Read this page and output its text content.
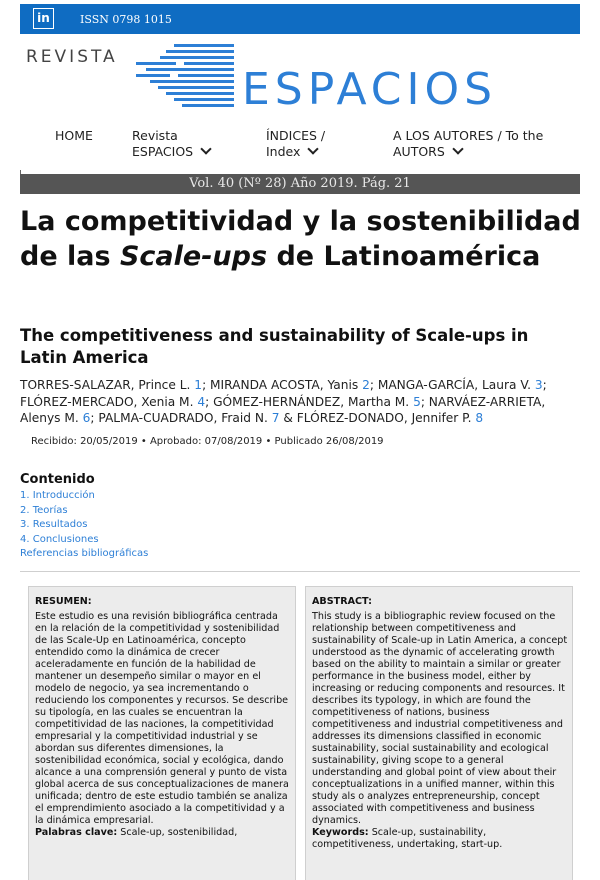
in	ISSN 0798 1015
REVISTA
ESPACIOS
HOME	Revista
ESPACIOS
ÍNDICES /
Index
A LOS AUTORES / To the
AUTORS
Vol. 40 (Nº 28) Año 2019. Pág. 21
La competitividad y la sostenibilidad de las Scale-ups de Latinoamérica
The competitiveness and sustainability of Scale-ups in Latin America
TORRES-SALAZAR, Prince L. 1; MIRANDA ACOSTA, Yanis 2; MANGA-GARCÍA, Laura V. 3; FLÓREZ-MERCADO, Xenia M. 4; GÓMEZ-HERNÁNDEZ, Martha M. 5; NARVÁEZ-ARRIETA, Alenys M. 6; PALMA-CUADRADO, Fraid N. 7 & FLÓREZ-DONADO, Jennifer P. 8
Recibido: 20/05/2019 • Aprobado: 07/08/2019 • Publicado 26/08/2019
Contenido
1. Introducción
2. Teorías
3. Resultados
4. Conclusiones
Referencias bibliográficas
RESUMEN:
Este estudio es una revisión bibliográfica centrada en la relación de la competitividad y sostenibilidad de las Scale-Up en Latinoamérica, concepto entendido como la dinámica de crecer aceleradamente en función de la habilidad de mantener un desempeño similar o mayor en el modelo de negocio, ya sea incrementando o reduciendo los componentes y recursos. Se describe su tipología, en las cuales se encuentran la competitividad de las naciones, la competitividad empresarial y la competitividad industrial y se abordan sus diferentes dimensiones, la sostenibilidad económica, social y ecológica, dando alcance a una comprensión general y punto de vista global acerca de sus conceptualizaciones de manera unificada; dentro de este estudio también se analiza el emprendimiento asociado a la competitividad y a la dinámica empresarial.
Palabras clave: Scale-up, sostenibilidad,
ABSTRACT:
This study is a bibliographic review focused on the relationship between competitiveness and sustainability of Scale-up in Latin America, a concept understood as the dynamic of accelerating growth based on the ability to maintain a similar or greater performance in the business model, either by increasing or reducing components and resources. It describes its typology, in which are found the competitiveness of nations, business competitiveness and industrial competitiveness and addresses its dimensions classified in economic sustainability, social sustainability and ecological sustainability, giving scope to a general understanding and global point of view about their conceptualizations in a unified manner, within this study als o analyzes entrepreneurship, concept associated with competitiveness and business dynamics.
Keywords: Scale-up, sustainability, competitiveness, undertaking, start-up.
